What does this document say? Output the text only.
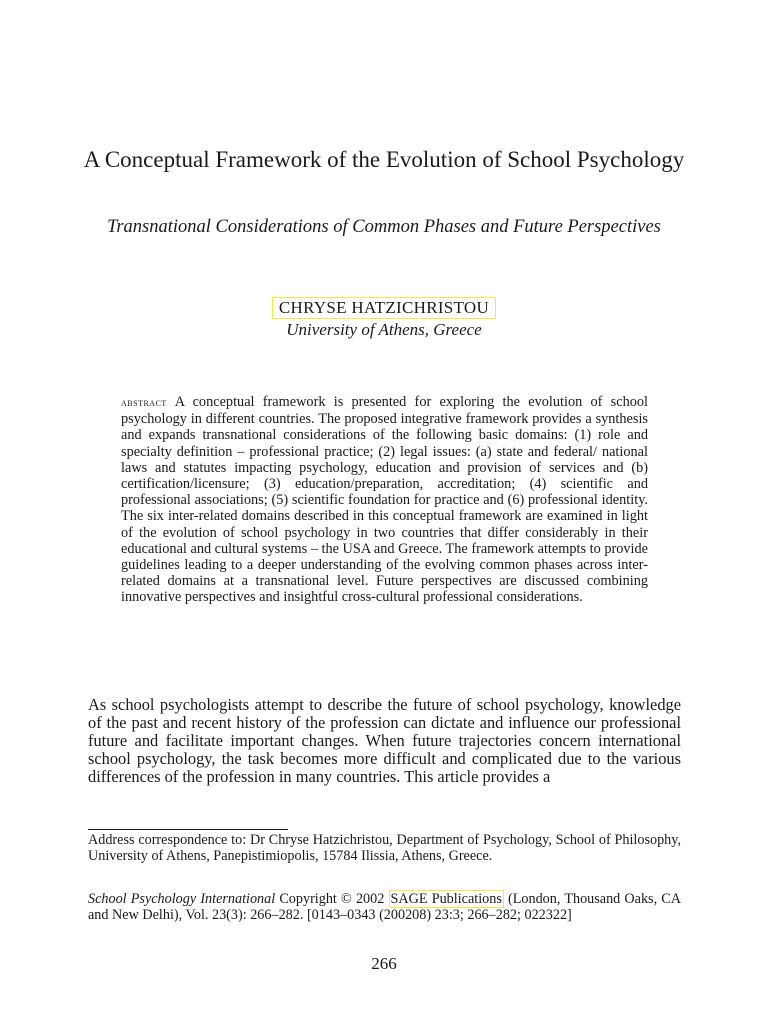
A Conceptual Framework of the Evolution of School Psychology
Transnational Considerations of Common Phases and Future Perspectives
CHRYSE HATZICHRISTOU
University of Athens, Greece
abstract A conceptual framework is presented for exploring the evolution of school psychology in different countries. The proposed integrative framework provides a synthesis and expands transnational considerations of the following basic domains: (1) role and specialty definition – professional practice; (2) legal issues: (a) state and federal/ national laws and statutes impacting psychology, education and provision of services and (b) certification/licensure; (3) education/preparation, accreditation; (4) scientific and professional associations; (5) scientific foundation for practice and (6) professional identity. The six inter-related domains described in this conceptual framework are examined in light of the evolution of school psychology in two countries that differ considerably in their educational and cultural systems – the USA and Greece. The framework attempts to provide guidelines leading to a deeper understanding of the evolving common phases across inter-related domains at a transnational level. Future perspectives are discussed combining innovative perspectives and insightful cross-cultural professional considerations.
As school psychologists attempt to describe the future of school psychology, knowledge of the past and recent history of the profession can dictate and influence our professional future and facilitate important changes. When future trajectories concern international school psychology, the task becomes more difficult and complicated due to the various differences of the profession in many countries. This article provides a
Address correspondence to: Dr Chryse Hatzichristou, Department of Psychology, School of Philosophy, University of Athens, Panepistimiopolis, 15784 Ilissia, Athens, Greece.
School Psychology International Copyright © 2002 SAGE Publications (London, Thousand Oaks, CA and New Delhi), Vol. 23(3): 266–282. [0143–0343 (200208) 23:3; 266–282; 022322]
266
